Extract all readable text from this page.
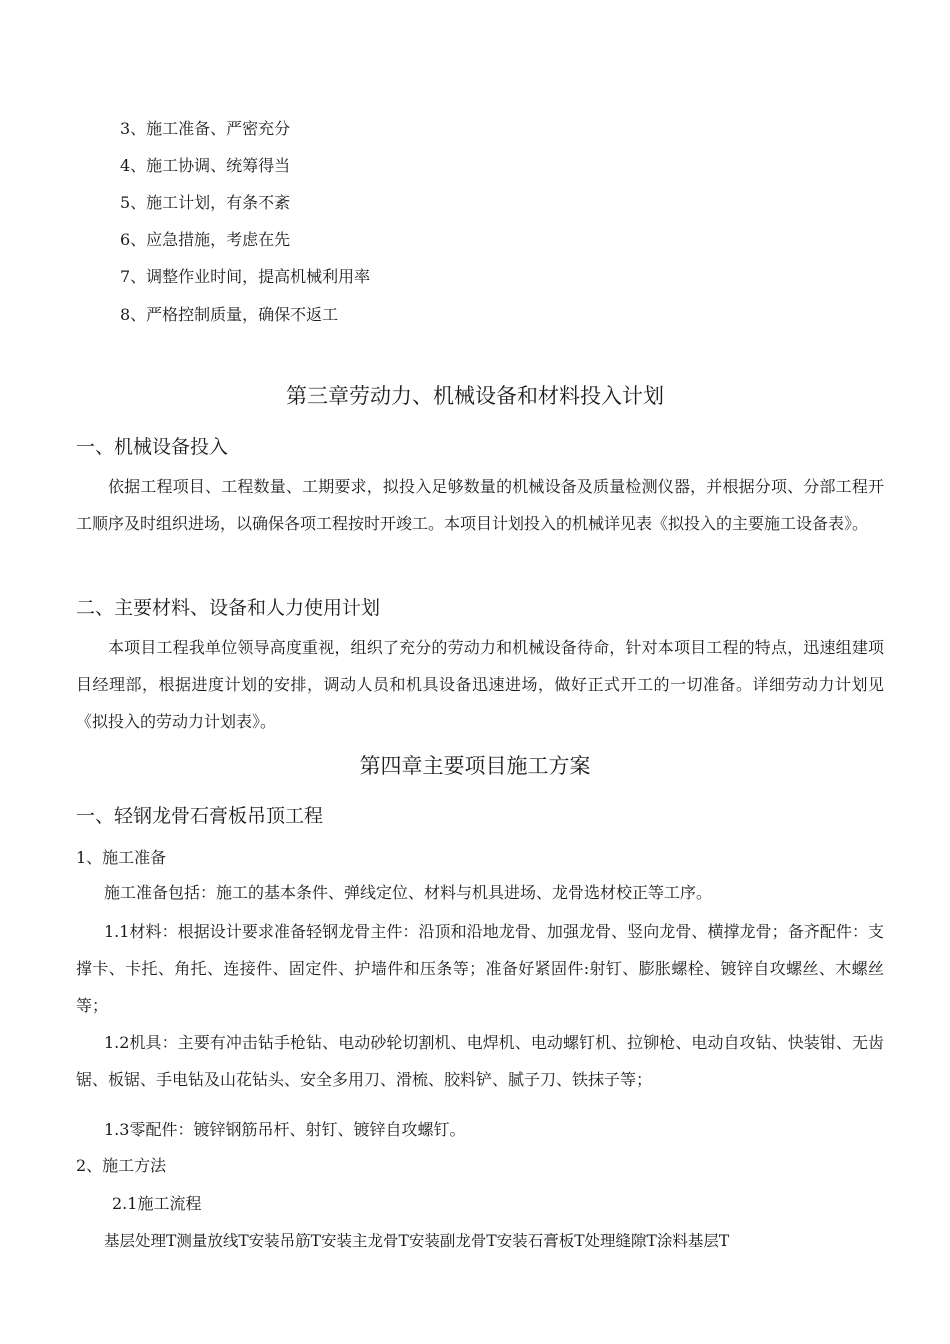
3、施工准备、严密充分
4、施工协调、统筹得当
5、施工计划，有条不紊
6、应急措施，考虑在先
7、调整作业时间，提高机械利用率
8、严格控制质量，确保不返工
第三章劳动力、机械设备和材料投入计划
一、机械设备投入

依据工程项目、工程数量、工期要求，拟投入足够数量的机械设备及质量检测仪器，并根据分项、分部工程开工顺序及时组织进场，以确保各项工程按时开竣工。本项目计划投入的机械详见表《拟投入的主要施工设备表》。

二、主要材料、设备和人力使用计划

本项目工程我单位领导高度重视，组织了充分的劳动力和机械设备待命，针对本项目工程的特点，迅速组建项目经理部，根据进度计划的安排，调动人员和机具设备迅速进场，做好正式开工的一切准备。详细劳动力计划见《拟投入的劳动力计划表》。

第四章主要项目施工方案
一、轻钢龙骨石膏板吊顶工程
1、施工准备

施工准备包括：施工的基本条件、弹线定位、材料与机具进场、龙骨选材校正等工序。

1.1材料：根据设计要求准备轻钢龙骨主件：沿顶和沿地龙骨、加强龙骨、竖向龙骨、横撑龙骨；备齐配件：支撑卡、卡托、角托、连接件、固定件、护墙件和压条等；准备好紧固件:射钉、膨胀螺栓、镀锌自攻螺丝、木螺丝等；

1.2机具：主要有冲击钻手枪钻、电动砂轮切割机、电焊机、电动螺钉机、拉铆枪、电动自攻钻、快装钳、无齿锯、板锯、手电钻及山花钻头、安全多用刀、滑梳、胶料铲、腻子刀、铁抹子等；

1.3零配件：镀锌钢筋吊杆、射钉、镀锌自攻螺钉。

2、施工方法
2.1施工流程
基层处理T测量放线T安装吊筋T安装主龙骨T安装副龙骨T安装石膏板T处理缝隙T涂料基层T
